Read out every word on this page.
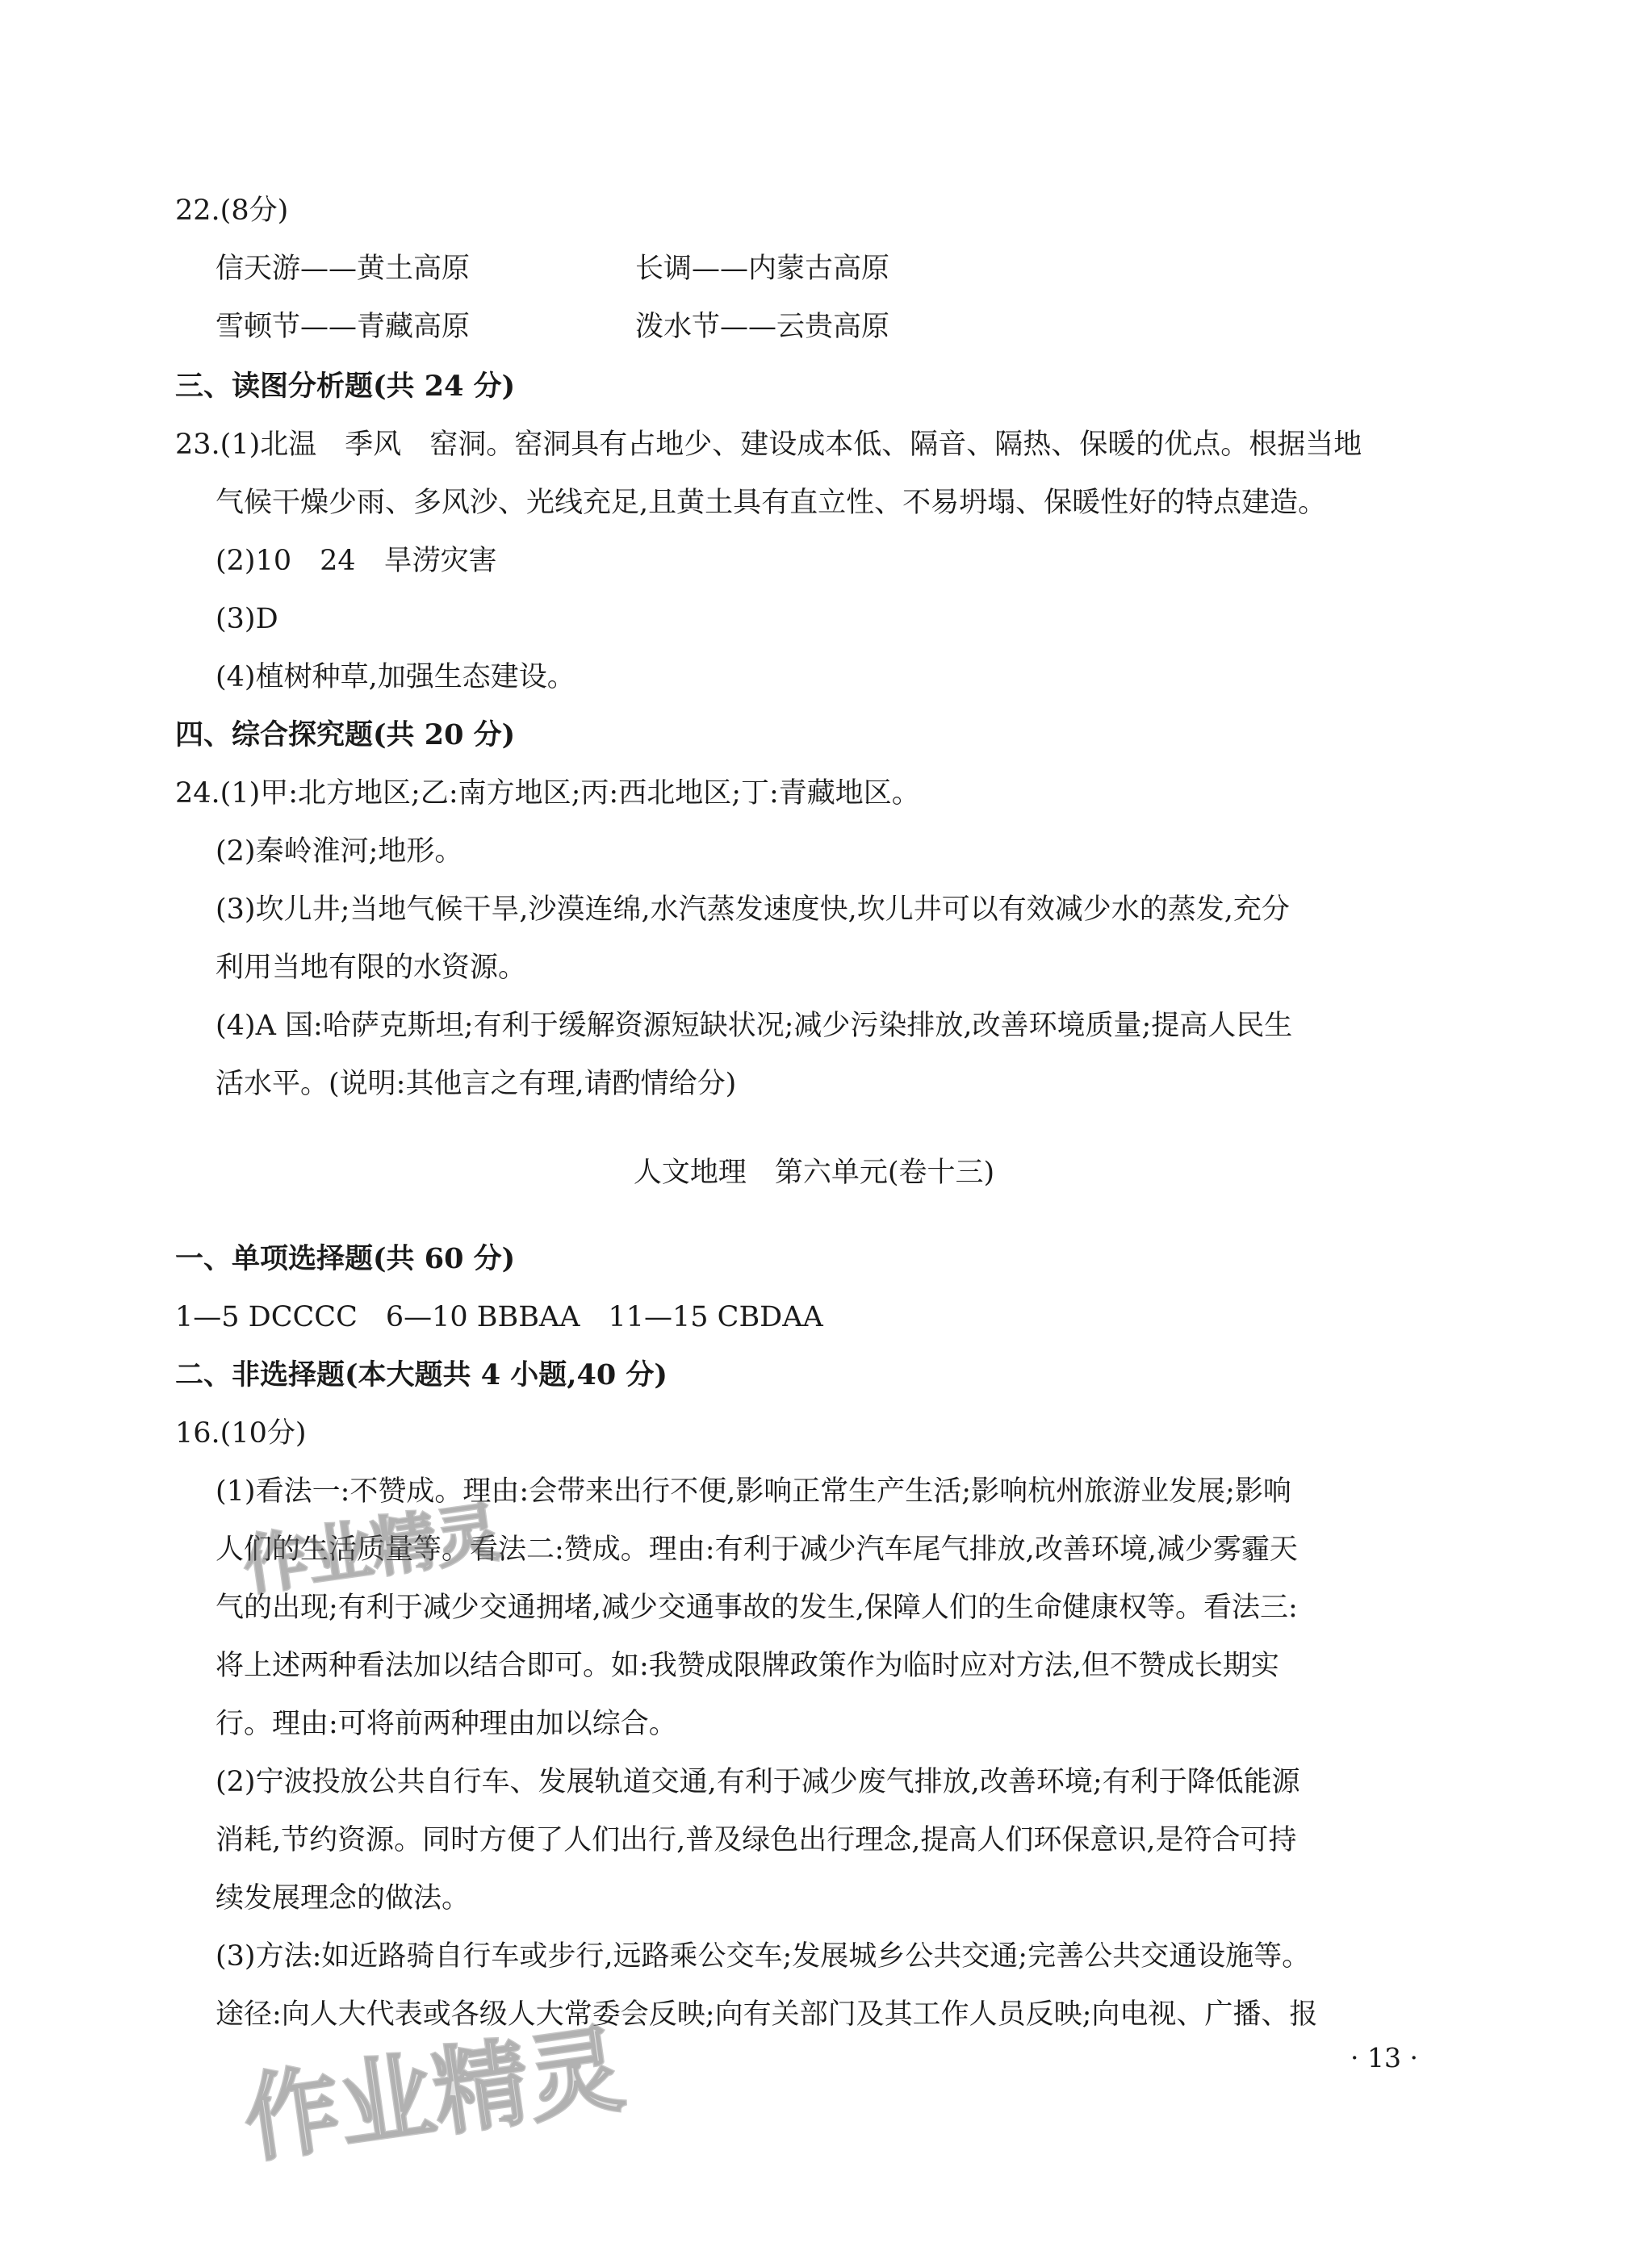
22.(8分)
信天游——黄土高原	长调——内蒙古高原
雪顿节——青藏高原	泼水节——云贵高原
三、读图分析题(共 24 分)
23.(1)北温　季风　窑洞。窑洞具有占地少、建设成本低、隔音、隔热、保暖的优点。根据当地
气候干燥少雨、多风沙、光线充足,且黄土具有直立性、不易坍塌、保暖性好的特点建造。
(2)10　24　旱涝灾害
(3)D
(4)植树种草,加强生态建设。
四、综合探究题(共 20 分)
24.(1)甲:北方地区;乙:南方地区;丙:西北地区;丁:青藏地区。
(2)秦岭淮河;地形。
(3)坎儿井;当地气候干旱,沙漠连绵,水汽蒸发速度快,坎儿井可以有效减少水的蒸发,充分
利用当地有限的水资源。
(4)A 国:哈萨克斯坦;有利于缓解资源短缺状况;减少污染排放,改善环境质量;提高人民生
活水平。(说明:其他言之有理,请酌情给分)
人文地理　第六单元(卷十三)
一、单项选择题(共 60 分)
1—5 DCCCC　6—10 BBBAA　11—15 CBDAA
二、非选择题(本大题共 4 小题,40 分)
16.(10分)
(1)看法一:不赞成。理由:会带来出行不便,影响正常生产生活;影响杭州旅游业发展;影响
人们的生活质量等。看法二:赞成。理由:有利于减少汽车尾气排放,改善环境,减少雾霾天
气的出现;有利于减少交通拥堵,减少交通事故的发生,保障人们的生命健康权等。看法三:
将上述两种看法加以结合即可。如:我赞成限牌政策作为临时应对方法,但不赞成长期实
行。理由:可将前两种理由加以综合。
(2)宁波投放公共自行车、发展轨道交通,有利于减少废气排放,改善环境;有利于降低能源
消耗,节约资源。同时方便了人们出行,普及绿色出行理念,提高人们环保意识,是符合可持
续发展理念的做法。
(3)方法:如近路骑自行车或步行,远路乘公交车;发展城乡公共交通;完善公共交通设施等。
途径:向人大代表或各级人大常委会反映;向有关部门及其工作人员反映;向电视、广播、报
作业精灵
作业精灵	· 13 ·
